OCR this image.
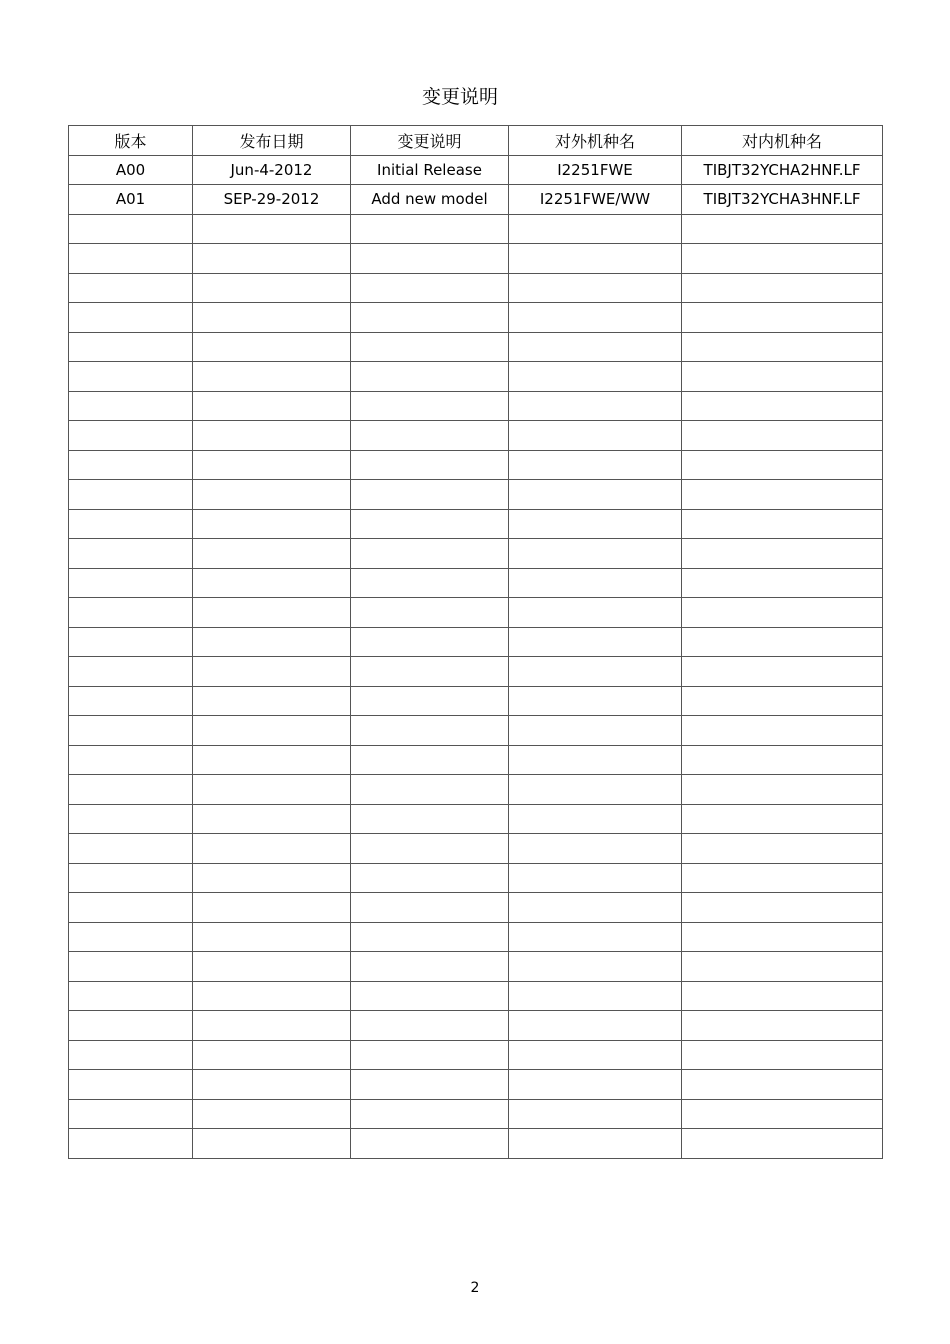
变更说明
版本	发布日期	变更说明	对外机种名	对内机种名
A00	Jun-4-2012	Initial Release	I2251FWE	TIBJT32YCHA2HNF.LF
A01	SEP-29-2012	Add new model	I2251FWE/WW	TIBJT32YCHA3HNF.LF

2
